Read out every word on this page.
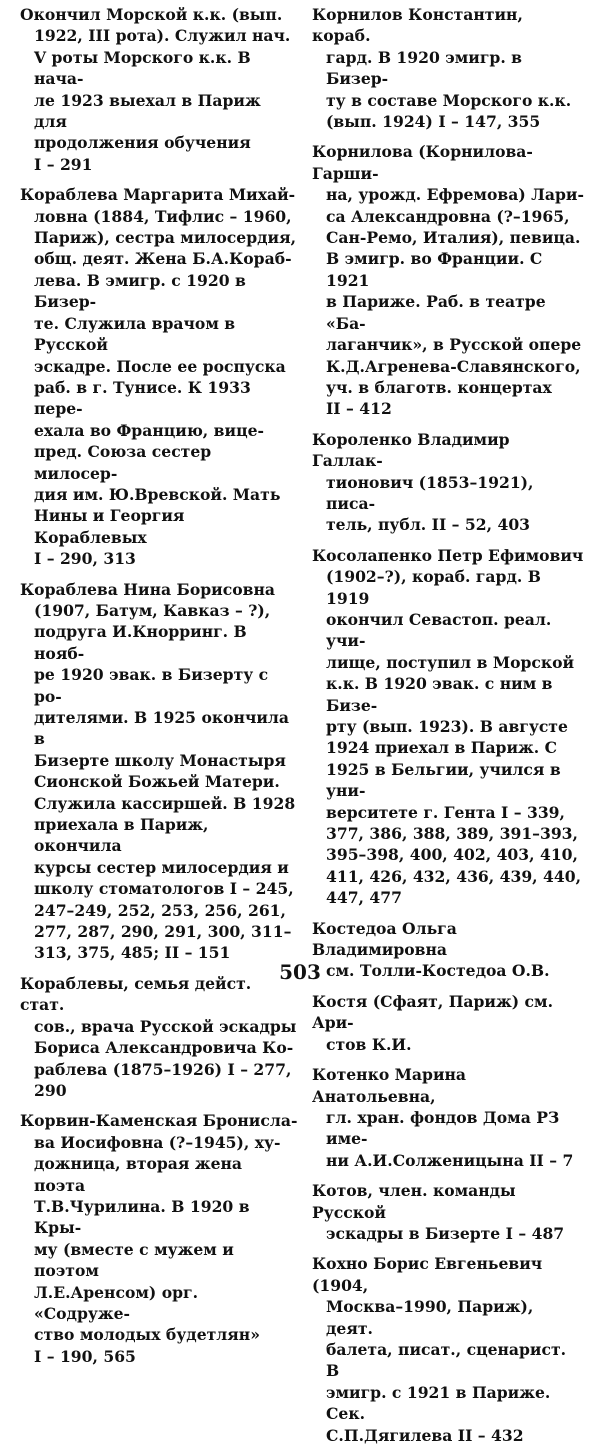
Окончил Морской к.к. (вып.
1922, III рота). Служил нач.
V роты Морского к.к. В нача-
ле 1923 выехал в Париж для
продолжения обучения
I – 291
Кораблева Маргарита Михай-
ловна (1884, Тифлис – 1960,
Париж), сестра милосердия,
общ. деят. Жена Б.А.Кораб-
лева. В эмигр. с 1920 в Бизер-
те. Служила врачом в Русской
эскадре. После ее роспуска
раб. в г. Тунисе. К 1933 пере-
ехала во Францию, вице-
пред. Союза сестер милосер-
дия им. Ю.Вревской. Мать
Нины и Георгия Кораблевых
I – 290, 313
Кораблева Нина Борисовна
(1907, Батум, Кавказ – ?),
подруга И.Кнорринг. В нояб-
ре 1920 эвак. в Бизерту с ро-
дителями. В 1925 окончила в
Бизерте школу Монастыря
Сионской Божьей Матери.
Служила кассиршей. В 1928
приехала в Париж, окончила
курсы сестер милосердия и
школу стоматологов I – 245,
247–249, 252, 253, 256, 261,
277, 287, 290, 291, 300, 311–
313, 375, 485; II – 151
Кораблевы, семья дейст. стат.
сов., врача Русской эскадры
Бориса Александровича Ко-
раблева (1875–1926) I – 277,
290
Корвин-Каменская Бронисла-
ва Иосифовна (?–1945), ху-
дожница, вторая жена поэта
Т.В.Чурилина. В 1920 в Кры-
му (вместе с мужем и поэтом
Л.Е.Аренсом) орг. «Содруже-
ство молодых будетлян»
I – 190, 565
Корнилов Константин, кораб.
гард. В 1920 эмигр. в Бизер-
ту в составе Морского к.к.
(вып. 1924) I – 147, 355
Корнилова (Корнилова-Гарши-
на, урожд. Ефремова) Лари-
са Александровна (?–1965,
Сан-Ремо, Италия), певица.
В эмигр. во Франции. С 1921
в Париже. Раб. в театре «Ба-
лаганчик», в Русской опере
К.Д.Агренева-Славянского,
уч. в благотв. концертах
II – 412
Короленко Владимир Галлак-
тионович (1853–1921), писа-
тель, публ. II – 52, 403
Косолапенко Петр Ефимович
(1902–?), кораб. гард. В 1919
окончил Севастоп. реал. учи-
лище, поступил в Морской
к.к. В 1920 эвак. с ним в Бизе-
рту (вып. 1923). В августе
1924 приехал в Париж. С
1925 в Бельгии, учился в уни-
верситете г. Гента I – 339,
377, 386, 388, 389, 391–393,
395–398, 400, 402, 403, 410,
411, 426, 432, 436, 439, 440,
447, 477
Костедоа Ольга Владимировна
см. Толли-Костедоа О.В.
Костя (Сфаят, Париж) см. Ари-
стов К.И.
Котенко Марина Анатольевна,
гл. хран. фондов Дома РЗ име-
ни А.И.Солженицына II – 7
Котов, член. команды Русской
эскадры в Бизерте I – 487
Кохно Борис Евгеньевич (1904,
Москва–1990, Париж), деят.
балета, писат., сценарист. В
эмигр. с 1921 в Париже. Сек.
С.П.Дягилева II – 432
503
